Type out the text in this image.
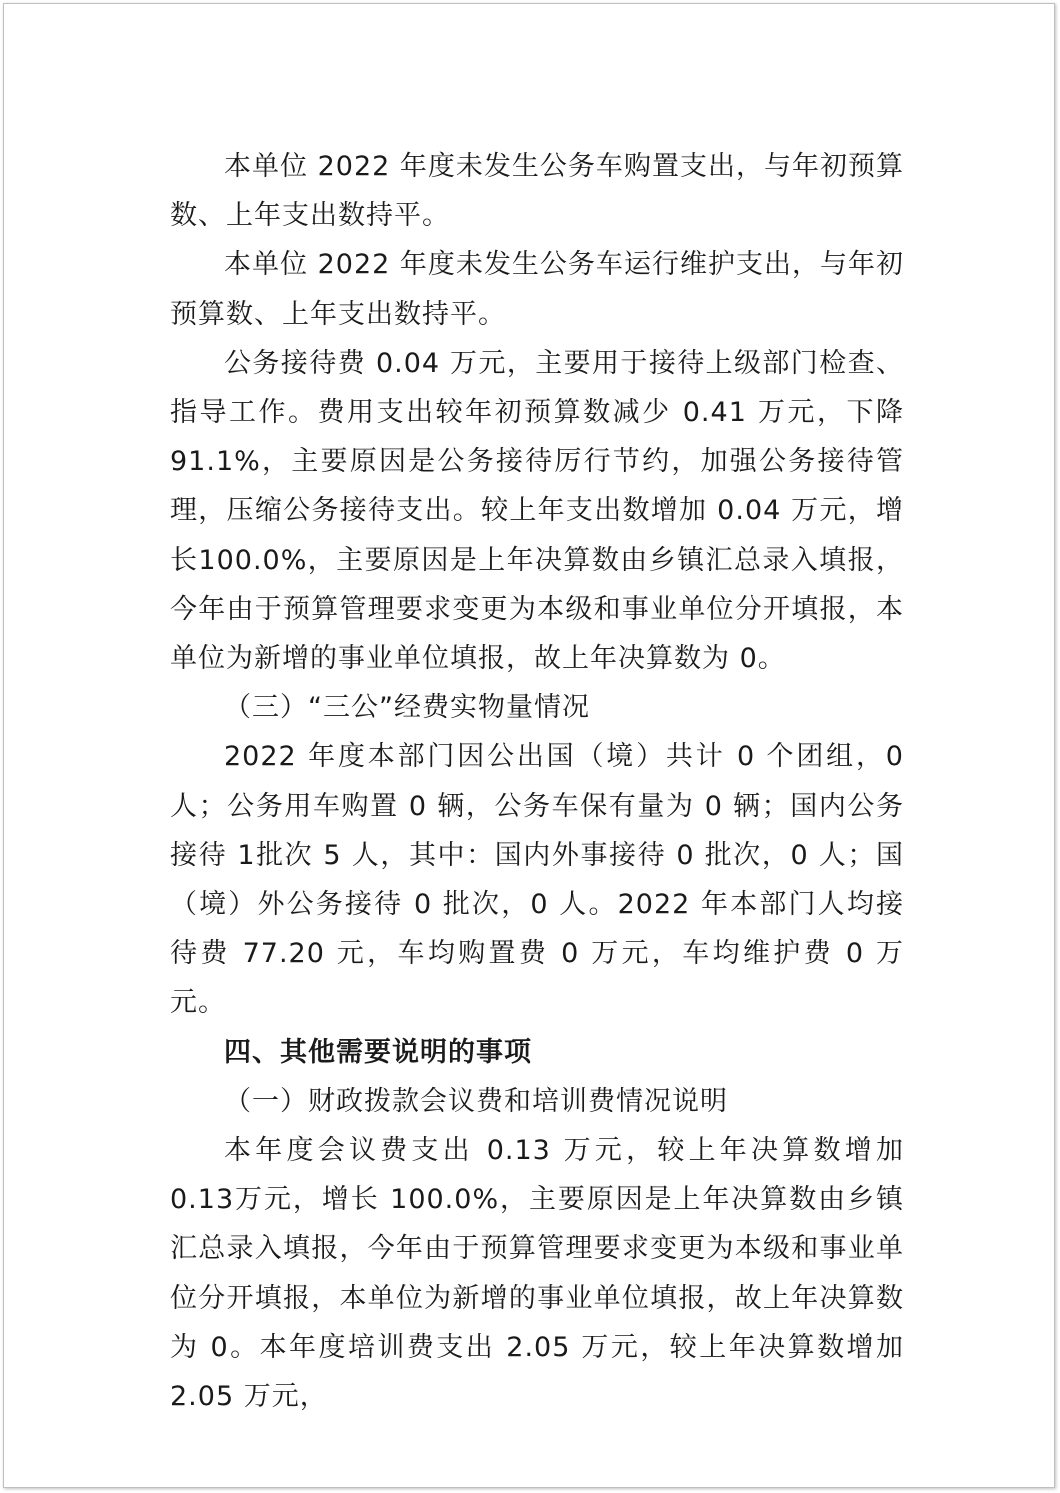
本单位 2022 年度未发生公务车购置支出，与年初预算数、上年支出数持平。

本单位 2022 年度未发生公务车运行维护支出，与年初预算数、上年支出数持平。

公务接待费 0.04 万元，主要用于接待上级部门检查、指导工作。费用支出较年初预算数减少 0.41 万元，下降91.1%，主要原因是公务接待厉行节约，加强公务接待管理，压缩公务接待支出。较上年支出数增加 0.04 万元，增长100.0%，主要原因是上年决算数由乡镇汇总录入填报，今年由于预算管理要求变更为本级和事业单位分开填报，本单位为新增的事业单位填报，故上年决算数为 0。

（三）“三公”经费实物量情况

2022 年度本部门因公出国（境）共计 0 个团组，0 人；公务用车购置 0 辆，公务车保有量为 0 辆；国内公务接待 1批次 5 人，其中：国内外事接待 0 批次，0 人；国（境）外公务接待 0 批次，0 人。2022 年本部门人均接待费 77.20 元，车均购置费 0 万元，车均维护费 0 万元。

四、其他需要说明的事项

（一）财政拨款会议费和培训费情况说明

本年度会议费支出 0.13 万元，较上年决算数增加 0.13万元，增长 100.0%，主要原因是上年决算数由乡镇汇总录入填报，今年由于预算管理要求变更为本级和事业单位分开填报，本单位为新增的事业单位填报，故上年决算数为 0。本年度培训费支出 2.05 万元，较上年决算数增加 2.05 万元，
